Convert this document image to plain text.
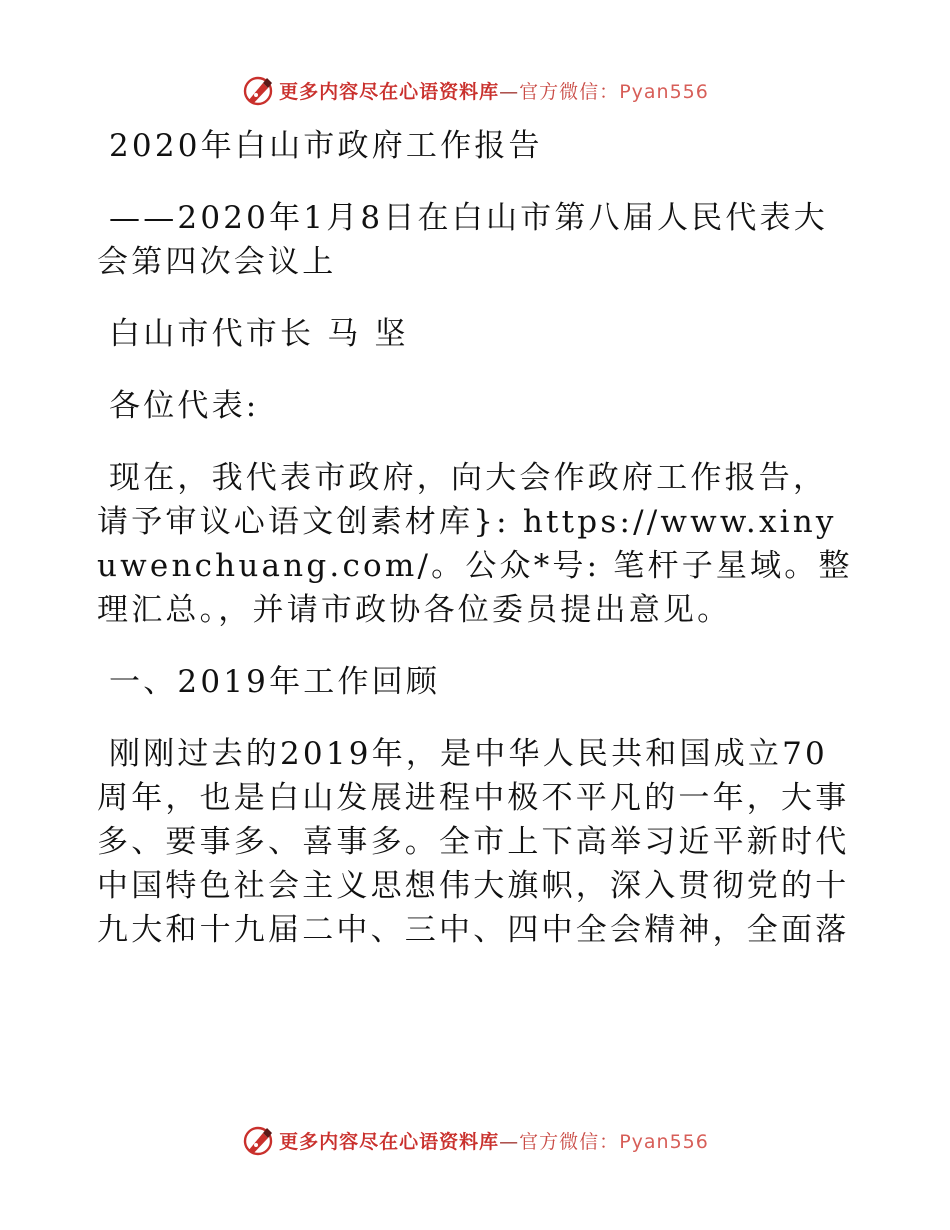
更多内容尽在心语资料库—官方微信：Pyan556

2020年白山市政府工作报告

——2020年1月8日在白山市第八届人民代表大会第四次会议上

白山市代市长 马 坚

各位代表:

现在，我代表市政府，向大会作政府工作报告，请予审议心语文创素材库}: https://www.xinyuwenchuang.com/。公众*号: 笔杆子星域。整理汇总。，并请市政协各位委员提出意见。

一、2019年工作回顾

刚刚过去的2019年，是中华人民共和国成立70周年，也是白山发展进程中极不平凡的一年，大事多、要事多、喜事多。全市上下高举习近平新时代中国特色社会主义思想伟大旗帜，深入贯彻党的十九大和十九届二中、三中、四中全会精神，全面落

更多内容尽在心语资料库—官方微信：Pyan556
